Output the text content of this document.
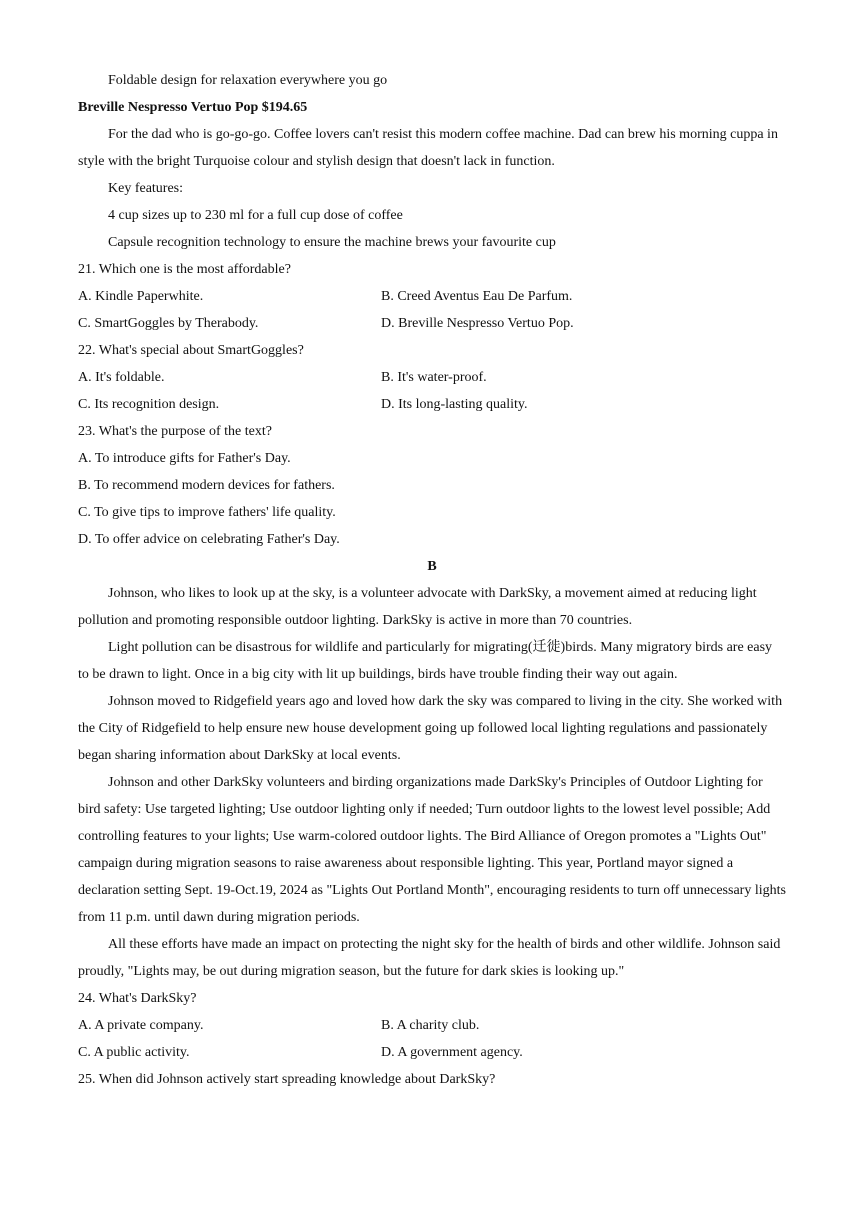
Foldable design for relaxation everywhere you go

Breville Nespresso Vertuo Pop $194.65

For the dad who is go-go-go. Coffee lovers can't resist this modern coffee machine. Dad can brew his morning cuppa in style with the bright Turquoise colour and stylish design that doesn't lack in function.

Key features:

4 cup sizes up to 230 ml for a full cup dose of coffee

Capsule recognition technology to ensure the machine brews your favourite cup

21. Which one is the most affordable?

A. Kindle Paperwhite.	B. Creed Aventus Eau De Parfum.
C. SmartGoggles by Therabody.	D. Breville Nespresso Vertuo Pop.

22. What's special about SmartGoggles?

A. It's foldable.	B. It's water-proof.
C. Its recognition design.	D. Its long-lasting quality.

23. What's the purpose of the text?

A. To introduce gifts for Father's Day.

B. To recommend modern devices for fathers.

C. To give tips to improve fathers' life quality.

D. To offer advice on celebrating Father's Day.

B

Johnson, who likes to look up at the sky, is a volunteer advocate with DarkSky, a movement aimed at reducing light pollution and promoting responsible outdoor lighting. DarkSky is active in more than 70 countries.

Light pollution can be disastrous for wildlife and particularly for migrating(迁徙)birds. Many migratory birds are easy to be drawn to light. Once in a big city with lit up buildings, birds have trouble finding their way out again.

Johnson moved to Ridgefield years ago and loved how dark the sky was compared to living in the city. She worked with the City of Ridgefield to help ensure new house development going up followed local lighting regulations and passionately began sharing information about DarkSky at local events.

Johnson and other DarkSky volunteers and birding organizations made DarkSky's Principles of Outdoor Lighting for bird safety: Use targeted lighting; Use outdoor lighting only if needed; Turn outdoor lights to the lowest level possible; Add controlling features to your lights; Use warm-colored outdoor lights. The Bird Alliance of Oregon promotes a "Lights Out" campaign during migration seasons to raise awareness about responsible lighting. This year, Portland mayor signed a declaration setting Sept. 19-Oct.19, 2024 as "Lights Out Portland Month", encouraging residents to turn off unnecessary lights from 11 p.m. until dawn during migration periods.

All these efforts have made an impact on protecting the night sky for the health of birds and other wildlife. Johnson said proudly, "Lights may, be out during migration season, but the future for dark skies is looking up."

24. What's DarkSky?

A. A private company.	B. A charity club.
C. A public activity.	D. A government agency.

25. When did Johnson actively start spreading knowledge about DarkSky?
